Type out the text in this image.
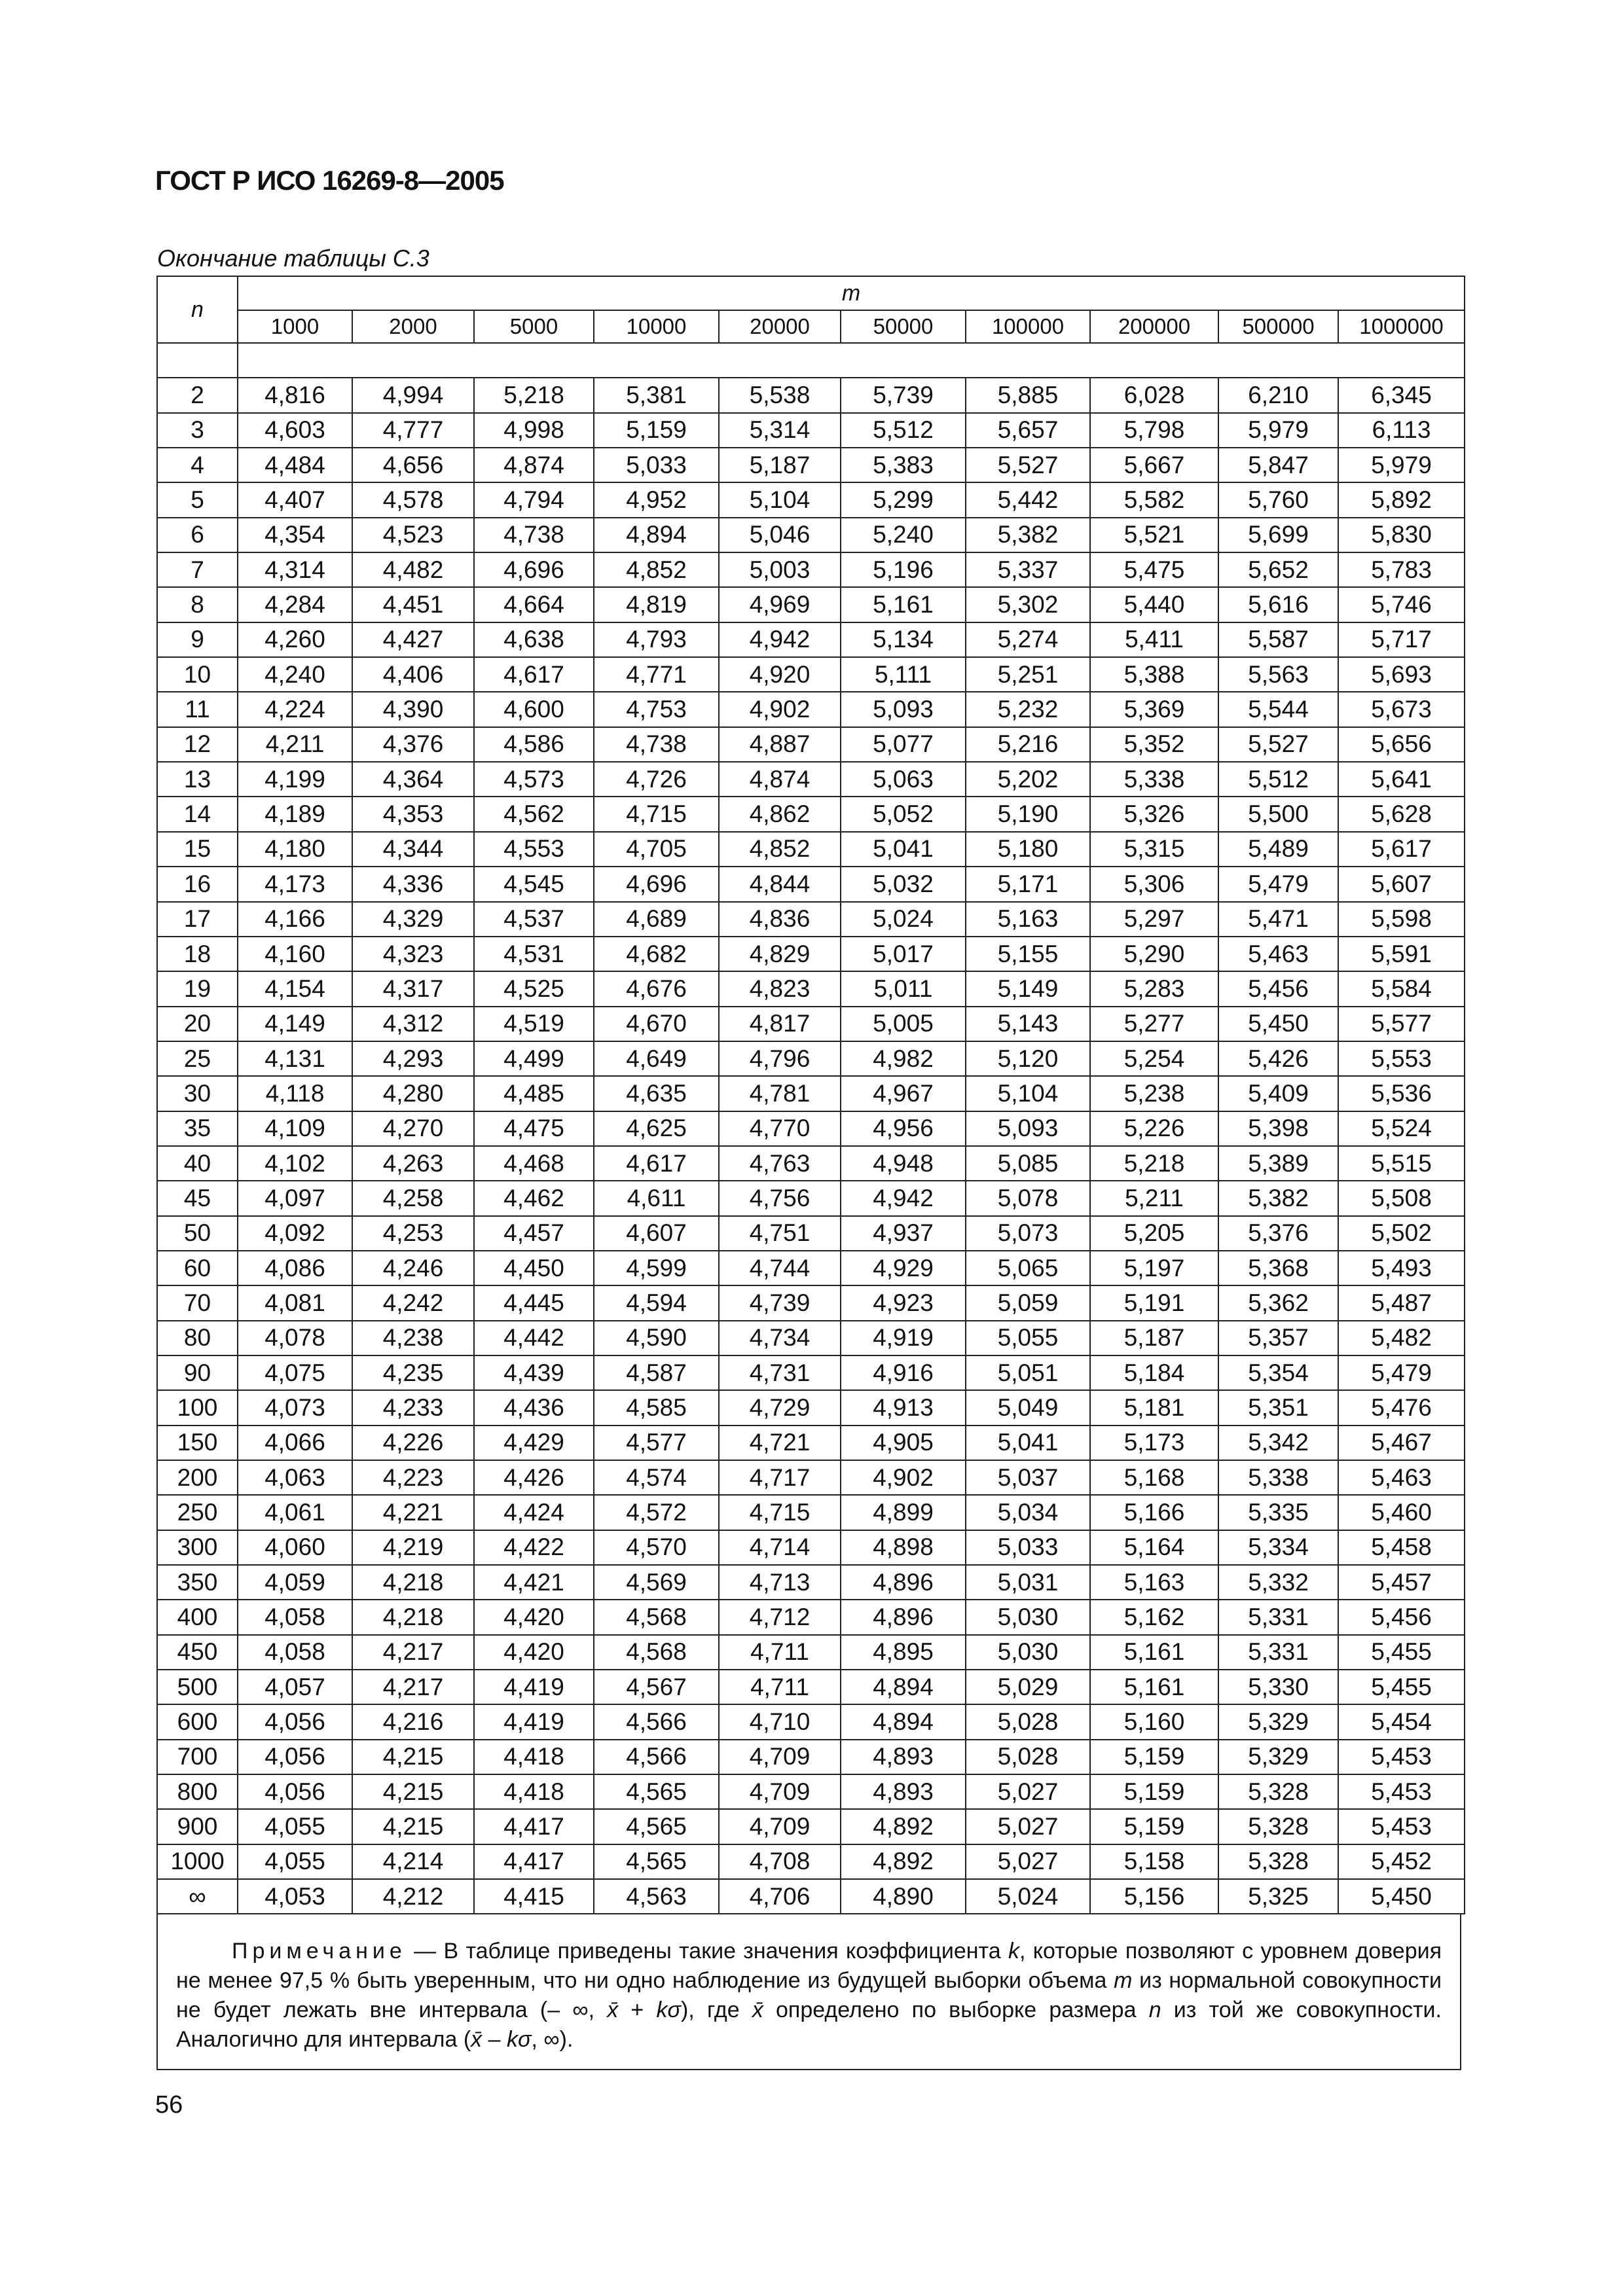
ГОСТ Р ИСО 16269-8—2005
Окончание таблицы С.3
n	m									
	1000	2000	5000	10000	20000	50000	100000	200000	500000	1000000

2	4,816	4,994	5,218	5,381	5,538	5,739	5,885	6,028	6,210	6,345
3	4,603	4,777	4,998	5,159	5,314	5,512	5,657	5,798	5,979	6,113
4	4,484	4,656	4,874	5,033	5,187	5,383	5,527	5,667	5,847	5,979
5	4,407	4,578	4,794	4,952	5,104	5,299	5,442	5,582	5,760	5,892
6	4,354	4,523	4,738	4,894	5,046	5,240	5,382	5,521	5,699	5,830
7	4,314	4,482	4,696	4,852	5,003	5,196	5,337	5,475	5,652	5,783
8	4,284	4,451	4,664	4,819	4,969	5,161	5,302	5,440	5,616	5,746
9	4,260	4,427	4,638	4,793	4,942	5,134	5,274	5,411	5,587	5,717
10	4,240	4,406	4,617	4,771	4,920	5,111	5,251	5,388	5,563	5,693
11	4,224	4,390	4,600	4,753	4,902	5,093	5,232	5,369	5,544	5,673
12	4,211	4,376	4,586	4,738	4,887	5,077	5,216	5,352	5,527	5,656
13	4,199	4,364	4,573	4,726	4,874	5,063	5,202	5,338	5,512	5,641
14	4,189	4,353	4,562	4,715	4,862	5,052	5,190	5,326	5,500	5,628
15	4,180	4,344	4,553	4,705	4,852	5,041	5,180	5,315	5,489	5,617
16	4,173	4,336	4,545	4,696	4,844	5,032	5,171	5,306	5,479	5,607
17	4,166	4,329	4,537	4,689	4,836	5,024	5,163	5,297	5,471	5,598
18	4,160	4,323	4,531	4,682	4,829	5,017	5,155	5,290	5,463	5,591
19	4,154	4,317	4,525	4,676	4,823	5,011	5,149	5,283	5,456	5,584
20	4,149	4,312	4,519	4,670	4,817	5,005	5,143	5,277	5,450	5,577
25	4,131	4,293	4,499	4,649	4,796	4,982	5,120	5,254	5,426	5,553
30	4,118	4,280	4,485	4,635	4,781	4,967	5,104	5,238	5,409	5,536
35	4,109	4,270	4,475	4,625	4,770	4,956	5,093	5,226	5,398	5,524
40	4,102	4,263	4,468	4,617	4,763	4,948	5,085	5,218	5,389	5,515
45	4,097	4,258	4,462	4,611	4,756	4,942	5,078	5,211	5,382	5,508
50	4,092	4,253	4,457	4,607	4,751	4,937	5,073	5,205	5,376	5,502
60	4,086	4,246	4,450	4,599	4,744	4,929	5,065	5,197	5,368	5,493
70	4,081	4,242	4,445	4,594	4,739	4,923	5,059	5,191	5,362	5,487
80	4,078	4,238	4,442	4,590	4,734	4,919	5,055	5,187	5,357	5,482
90	4,075	4,235	4,439	4,587	4,731	4,916	5,051	5,184	5,354	5,479
100	4,073	4,233	4,436	4,585	4,729	4,913	5,049	5,181	5,351	5,476
150	4,066	4,226	4,429	4,577	4,721	4,905	5,041	5,173	5,342	5,467
200	4,063	4,223	4,426	4,574	4,717	4,902	5,037	5,168	5,338	5,463
250	4,061	4,221	4,424	4,572	4,715	4,899	5,034	5,166	5,335	5,460
300	4,060	4,219	4,422	4,570	4,714	4,898	5,033	5,164	5,334	5,458
350	4,059	4,218	4,421	4,569	4,713	4,896	5,031	5,163	5,332	5,457
400	4,058	4,218	4,420	4,568	4,712	4,896	5,030	5,162	5,331	5,456
450	4,058	4,217	4,420	4,568	4,711	4,895	5,030	5,161	5,331	5,455
500	4,057	4,217	4,419	4,567	4,711	4,894	5,029	5,161	5,330	5,455
600	4,056	4,216	4,419	4,566	4,710	4,894	5,028	5,160	5,329	5,454
700	4,056	4,215	4,418	4,566	4,709	4,893	5,028	5,159	5,329	5,453
800	4,056	4,215	4,418	4,565	4,709	4,893	5,027	5,159	5,328	5,453
900	4,055	4,215	4,417	4,565	4,709	4,892	5,027	5,159	5,328	5,453
1000	4,055	4,214	4,417	4,565	4,708	4,892	5,027	5,158	5,328	5,452
∞	4,053	4,212	4,415	4,563	4,706	4,890	5,024	5,156	5,325	5,450
Примечание — В таблице приведены такие значения коэффициента k, которые позволяют с уровнем доверия не менее 97,5 % быть уверенным, что ни одно наблюдение из будущей выборки объема m из нормальной совокупности не будет лежать вне интервала (– ∞, x̄ + kσ), где x̄ определено по выборке размера n из той же совокупности. Аналогично для интервала (x̄ – kσ, ∞).
56
